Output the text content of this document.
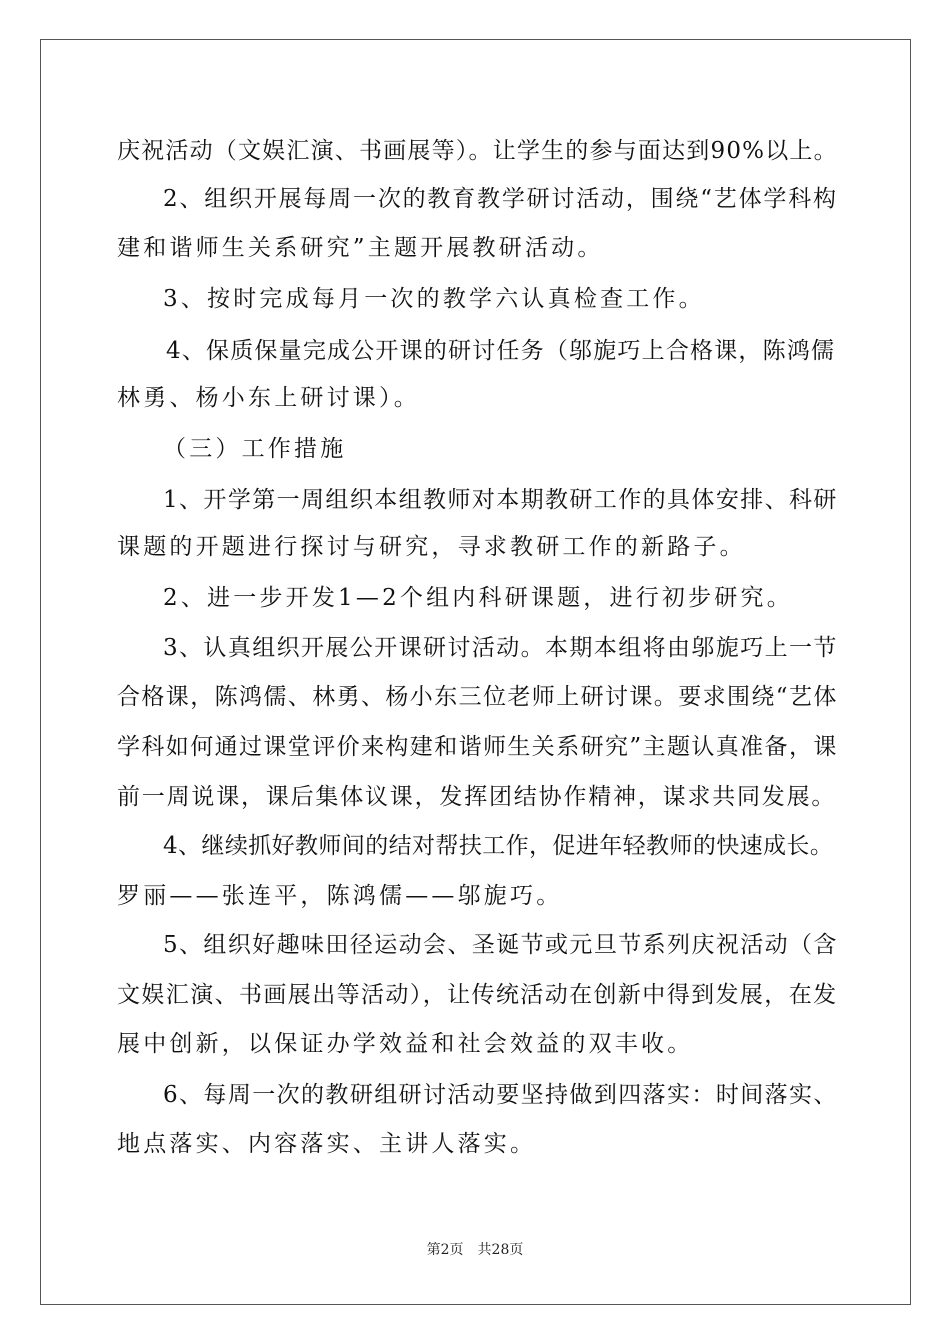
庆祝活动（文娱汇演、书画展等）。让学生的参与面达到90%以上。
2、组织开展每周一次的教育教学研讨活动，围绕“艺体学科构
建和谐师生关系研究”主题开展教研活动。
3、按时完成每月一次的教学六认真检查工作。
4、保质保量完成公开课的研讨任务（邬旎巧上合格课，陈鸿儒
林勇、杨小东上研讨课）。
（三）工作措施
1、开学第一周组织本组教师对本期教研工作的具体安排、科研
课题的开题进行探讨与研究，寻求教研工作的新路子。
2、进一步开发1—2个组内科研课题，进行初步研究。
3、认真组织开展公开课研讨活动。本期本组将由邬旎巧上一节
合格课，陈鸿儒、林勇、杨小东三位老师上研讨课。要求围绕“艺体
学科如何通过课堂评价来构建和谐师生关系研究”主题认真准备，课
前一周说课，课后集体议课，发挥团结协作精神，谋求共同发展。
4、继续抓好教师间的结对帮扶工作，促进年轻教师的快速成长。
罗丽——张连平，陈鸿儒——邬旎巧。
5、组织好趣味田径运动会、圣诞节或元旦节系列庆祝活动（含
文娱汇演、书画展出等活动），让传统活动在创新中得到发展，在发
展中创新，以保证办学效益和社会效益的双丰收。
6、每周一次的教研组研讨活动要坚持做到四落实：时间落实、
地点落实、内容落实、主讲人落实。
第2页　共28页
